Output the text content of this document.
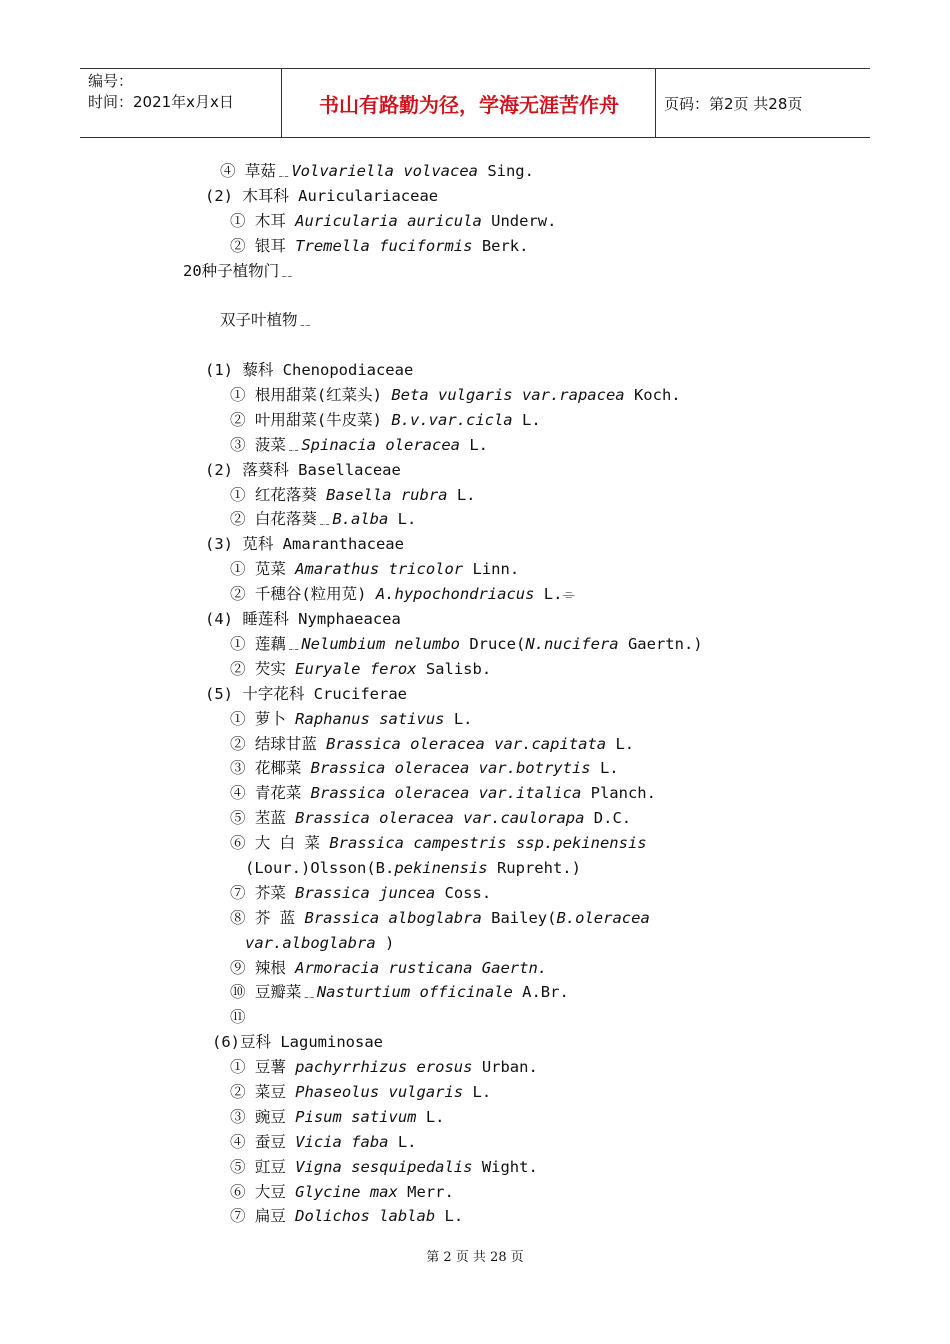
编号：
时间：2021年x月x日	书山有路勤为径，学海无涯苦作舟	页码：第2页 共28页
④ 草菇﹎Volvariella volvacea Sing.
(2) 木耳科 Auriculariaceae
① 木耳 Auricularia auricula Underw.
② 银耳 Tremella fuciformis Berk.
20种子植物门﹎
双子叶植物﹎
(1) 藜科 Chenopodiaceae
① 根用甜菜(红菜头) Beta vulgaris var.rapacea Koch.
② 叶用甜菜(牛皮菜) B.v.var.cicla L.
③ 菠菜﹎Spinacia oleracea L.
(2) 落葵科 Basellaceae
① 红花落葵 Basella rubra L.
② 白花落葵﹎B.alba L.
(3) 苋科 Amaranthaceae
① 苋菜 Amarathus tricolor Linn.
② 千穗谷(粒用苋) A.hypochondriacus L.⌯
(4) 睡莲科 Nymphaeacea
① 莲藕﹎Nelumbium nelumbo Druce(N.nucifera Gaertn.)
② 芡实 Euryale ferox Salisb.
(5) 十字花科 Cruciferae
① 萝卜 Raphanus sativus L.
② 结球甘蓝 Brassica oleracea var.capitata L.
③ 花椰菜 Brassica oleracea var.botrytis L.
④ 青花菜 Brassica oleracea var.italica Planch.
⑤ 苤蓝 Brassica oleracea var.caulorapa D.C.
⑥ 大 白 菜 Brassica campestris ssp.pekinensis
(Lour.)Olsson(B.pekinensis Rupreht.)
⑦ 芥菜 Brassica juncea Coss.
⑧ 芥 蓝 Brassica alboglabra Bailey(B.oleracea
var.alboglabra )
⑨ 辣根 Armoracia rusticana Gaertn.
⑩ 豆瓣菜﹎Nasturtium officinale A.Br.
⑪
(6)豆科 Laguminosae
① 豆薯 pachyrrhizus erosus Urban.
② 菜豆 Phaseolus vulgaris L.
③ 豌豆 Pisum sativum L.
④ 蚕豆 Vicia faba L.
⑤ 豇豆 Vigna sesquipedalis Wight.
⑥ 大豆 Glycine max Merr.
⑦ 扁豆 Dolichos lablab L.
第 2 页 共 28 页
